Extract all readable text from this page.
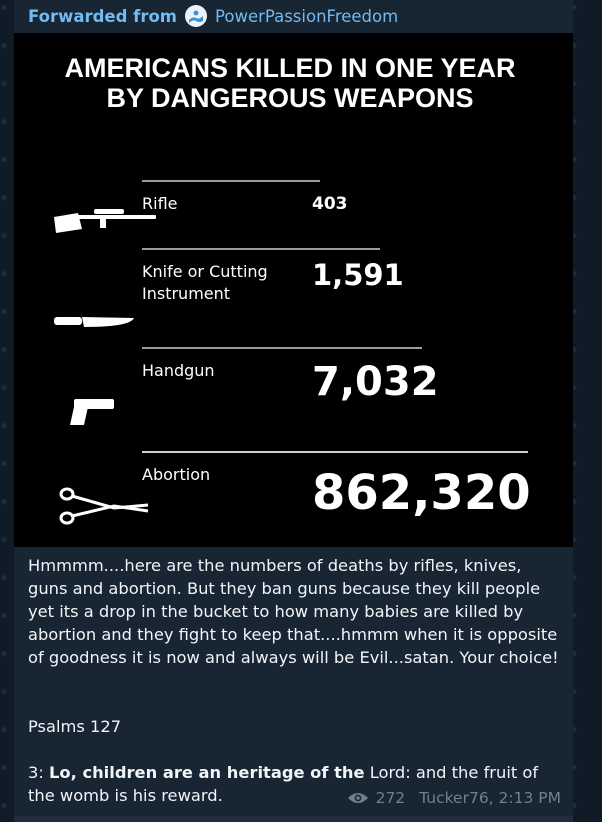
Forwarded from PowerPassionFreedom
AMERICANS KILLED IN ONE YEAR
BY DANGEROUS WEAPONS
Rifle	403
Knife or Cutting
Instrument
1,591
Handgun 7,032
Abortion 862,320

Hmmmm....here are the numbers of deaths by rifles, knives, guns and abortion. But they ban guns because they kill people yet its a drop in the bucket to how many babies are killed by abortion and they fight to keep that....hmmm when it is opposite of goodness it is now and always will be Evil...satan. Your choice!

Psalms 127

3: Lo, children are an heritage of the Lord: and the fruit of the womb is his reward.	272 Tucker76, 2:13 PM
